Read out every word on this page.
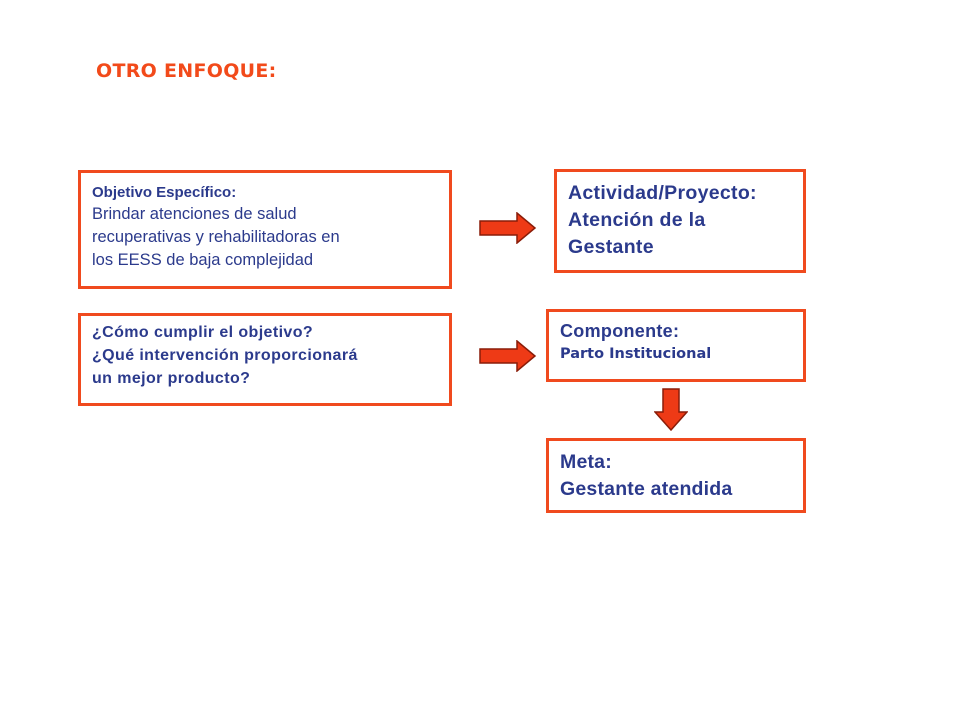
OTRO ENFOQUE:

Objetivo Específico:

Brindar atenciones de salud

recuperativas y rehabilitadoras en

los EESS de baja complejidad

¿Cómo cumplir el objetivo?

¿Qué intervención proporcionará

un mejor producto?

Actividad/Proyecto:

Atención de la

Gestante

Componente:

Parto Institucional

Meta:

Gestante atendida
